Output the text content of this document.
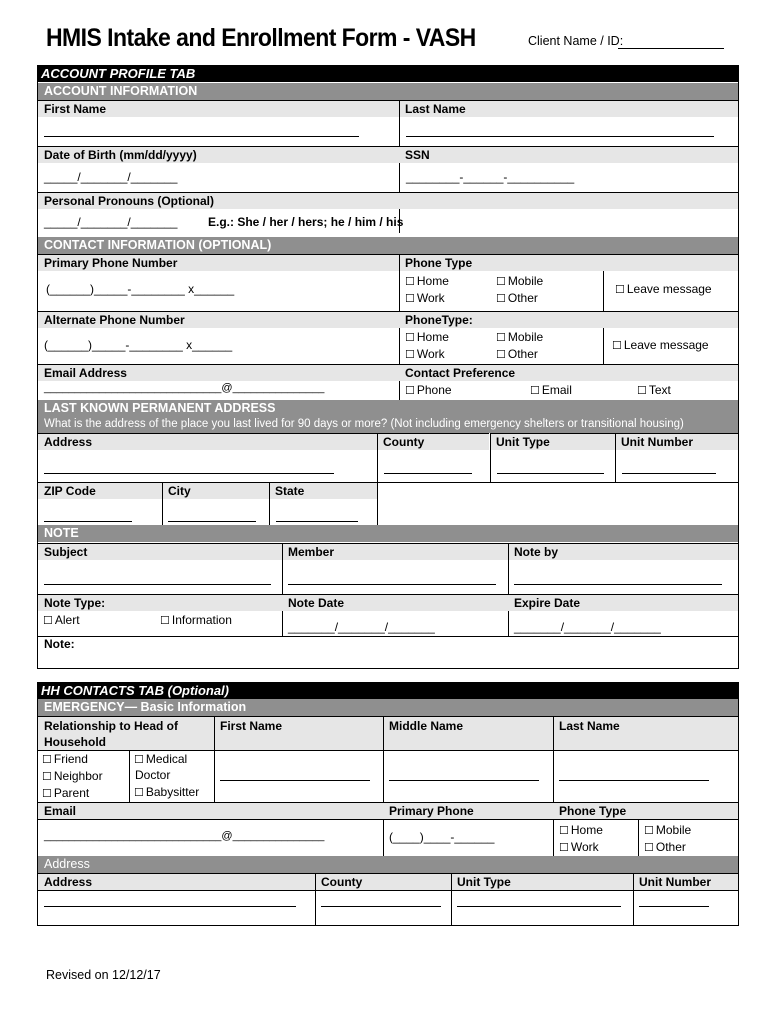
HMIS Intake and Enrollment Form - VASH	Client Name / ID:
ACCOUNT PROFILE TAB
ACCOUNT INFORMATION
First Name	Last Name
Date of Birth (mm/dd/yyyy)	SSN
_____/_______/_______	________-______-__________
Personal Pronouns (Optional)
_____/_______/_______	E.g.: She / her / hers; he / him / his
CONTACT INFORMATION (OPTIONAL)
Primary Phone Number	Phone Type
(______)_____-________ x______
☐ Home	☐ Mobile
☐ Work	☐ Other
☐ Leave message
Alternate Phone Number	PhoneType:
(______)_____-________ x______
☐ Home	☐ Mobile
☐ Work	☐ Other
☐ Leave message
Email Address	Contact Preference
_____________________________@_______________	☐ Phone	☐ Email	☐ Text
LAST KNOWN PERMANENT ADDRESS
What is the address of the place you last lived for 90 days or more? (Not including emergency shelters or transitional housing)
Address	County	Unit Type	Unit Number
ZIP Code	City	State
NOTE
Subject	Member	Note by
Note Type:	Note Date	Expire Date
☐ Alert	☐ Information	_______/_______/_______	_______/_______/_______
Note:
HH CONTACTS TAB (Optional)
EMERGENCY— Basic Information
Relationship to Head of Household
First Name	Middle Name	Last Name
☐ Friend
☐ Neighbor
☐ Parent
☐ Medical
Doctor
☐ Babysitter
Email	Primary Phone	Phone Type
_____________________________@_______________	(____)____-______	☐ Home
☐ Work
☐ Mobile
☐ Other
Address
Address	County	Unit Type	Unit Number
Revised on 12/12/17
